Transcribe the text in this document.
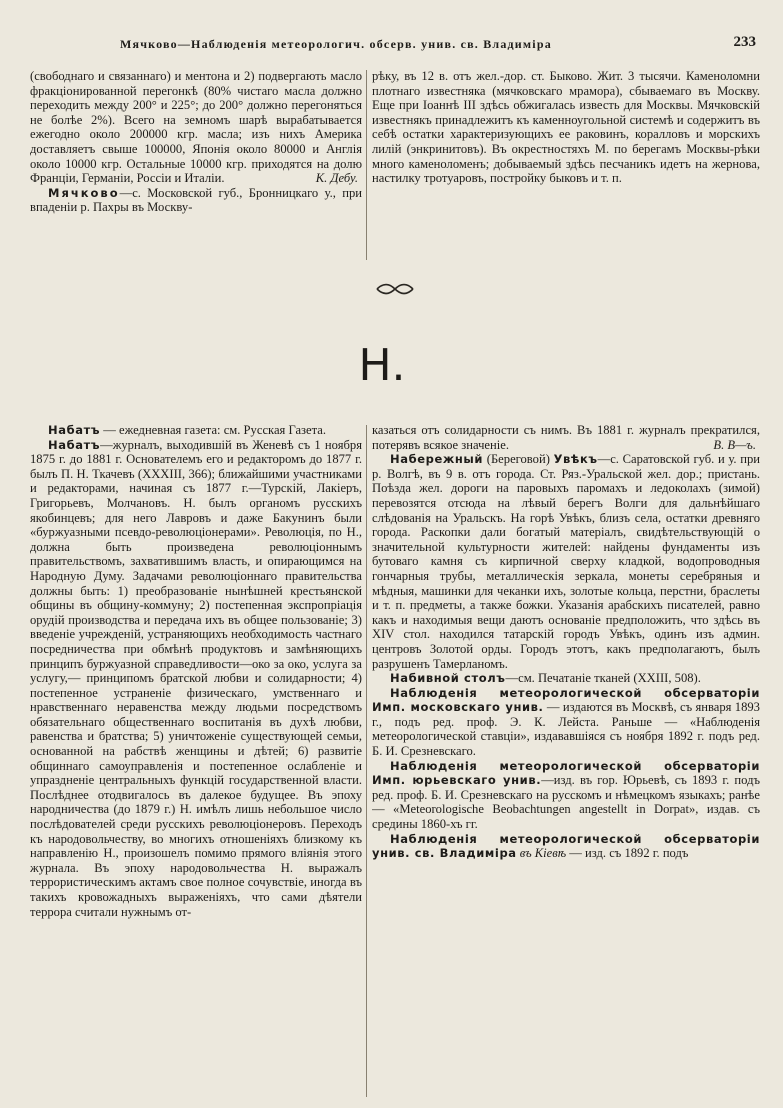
Мячково—Наблюденія метеорологич. обсерв. унив. св. Владиміра	233

(свободнаго и связаннаго) и ментона и 2) подвергають масло фракціонированной перегонкѣ (80% чистаго масла должно переходить между 200° и 225°; до 200° должно перегоняться не болѣе 2%). Всего на земномъ шарѣ вырабатывается ежегодно около 200000 кгр. масла; изъ нихъ Америка доставляетъ свыше 100000, Японія около 80000 и Англія около 10000 кгр. Остальные 10000 кгр. приходятся на долю Франціи, Германіи, Россіи и Италіи.	К. Дебу.

Мячково—с. Московской губ., Бронницкаго у., при впаденіи р. Пахры въ Москву-

рѣку, въ 12 в. отъ жел.-дор. ст. Быково. Жит. 3 тысячи. Каменоломни плотнаго известняка (мячковскаго мрамора), сбываемаго въ Москву. Еще при Іоаннѣ III здѣсь обжигалась известь для Москвы. Мячковскій известнякъ принадлежитъ къ каменноугольной системѣ и содержитъ въ себѣ остатки характеризующихъ ее раковинъ, коралловъ и морскихъ лилій (энкринитовъ). Въ окрестностяхъ М. по берегамъ Москвы-рѣки много каменоломенъ; добываемый здѣсь песчаникъ идетъ на жернова, настилку тротуаровъ, постройку быковъ и т. п.

Н.

Набатъ — ежедневная газета: см. Русская Газета.

Набатъ—журналъ, выходившій въ Женевѣ съ 1 ноября 1875 г. до 1881 г. Основателемъ его и редакторомъ до 1877 г. былъ П. Н. Ткачевъ (XXXIII, 366); ближайшими участниками и редакторами, начиная съ 1877 г.—Турскій, Лакіеръ, Григорьевъ, Молчановъ. Н. былъ органомъ русскихъ якобинцевъ; для него Лавровъ и даже Бакунинъ были «буржуазными псевдо-революціонерами». Революція, по Н., должна быть произведена революціоннымъ правительствомъ, захватившимъ власть, и опирающимся на Народную Думу. Задачами революціоннаго правительства должны быть: 1) преобразованіе нынѣшней крестьянской общины въ общину-коммуну; 2) постепенная экспропріація орудій производства и передача ихъ въ общее пользованіе; 3) введеніе учрежденій, устраняющихъ необходимость частнаго посредничества при обмѣнѣ продуктовъ и замѣняющихъ принципъ буржуазной справедливости—око за око, услуга за услугу,— принципомъ братской любви и солидарности; 4) постепенное устраненіе физическаго, умственнаго и нравственнаго неравенства между людьми посредствомъ обязательнаго общественнаго воспитанія въ духѣ любви, равенства и братства; 5) уничтоженіе существующей семьи, основанной на рабствѣ женщины и дѣтей; 6) развитіе общиннаго самоуправленія и постепенное ослабленіе и упраздненіе центральныхъ функцій государственной власти. Послѣднее отодвигалось въ далекое будущее. Въ эпоху народничества (до 1879 г.) Н. имѣлъ лишь небольшое число послѣдователей среди русскихъ революціонеровъ. Переходъ къ народовольчеству, во многихъ отношеніяхъ близкому къ направленію Н., произошелъ помимо прямого вліянія этого журнала. Въ эпоху народовольчества Н. выражалъ террористическимъ актамъ свое полное сочувствіе, иногда въ такихъ кровожадныхъ выраженіяхъ, что сами дѣятели террора считали нужнымъ от-

казаться отъ солидарности съ нимъ. Въ 1881 г. журналъ прекратился, потерявъ всякое значеніе.	В. В—ъ.

Набережный (Береговой) Увѣкъ—с. Саратовской губ. и у. при р. Волгѣ, въ 9 в. отъ города. Ст. Ряз.-Уральской жел. дор.; пристань. Поѣзда жел. дороги на паровыхъ паромахъ и ледоколахъ (зимой) перевозятся отсюда на лѣвый берегъ Волги для дальнѣйшаго слѣдованія на Уральскъ. На горѣ Увѣкъ, близъ села, остатки древняго города. Раскопки дали богатый матеріалъ, свидѣтельствующій о значительной культурности жителей: найдены фундаменты изъ бутоваго камня съ кирпичной сверху кладкой, водопроводныя гончарныя трубы, металлическія зеркала, монеты серебряныя и мѣдныя, машинки для чеканки ихъ, золотые кольца, перстни, браслеты и т. п. предметы, а также божки. Указанія арабскихъ писателей, равно какъ и находимыя вещи даютъ основаніе предположить, что здѣсь въ XIV стол. находился татарскій городъ Увѣкъ, одинъ изъ админ. центровъ Золотой орды. Городъ этотъ, какъ предполагаютъ, былъ разрушенъ Тамерланомъ.

Набивной столъ—см. Печатаніе тканей (XXIII, 508).

Наблюденія метеорологической обсерваторіи Имп. московскаго унив. — издаются въ Москвѣ, съ января 1893 г., подъ ред. проф. Э. К. Лейста. Раньше — «Наблюденія метеорологической ставціи», издававшіяся съ ноября 1892 г. подъ ред. Б. И. Срезневскаго.

Наблюденія метеорологической обсерваторіи Имп. юрьевскаго унив.—изд. въ гор. Юрьевѣ, съ 1893 г. подъ ред. проф. Б. И. Срезневскаго на русскомъ и нѣмецкомъ языкахъ; ранѣе— «Meteorologische Beobachtungen angestellt in Dorpat», издав. съ средины 1860-хъ гг.

Наблюденія метеорологической обсерваторіи унив. св. Владиміра въ Кіевѣ — изд. съ 1892 г. подъ
